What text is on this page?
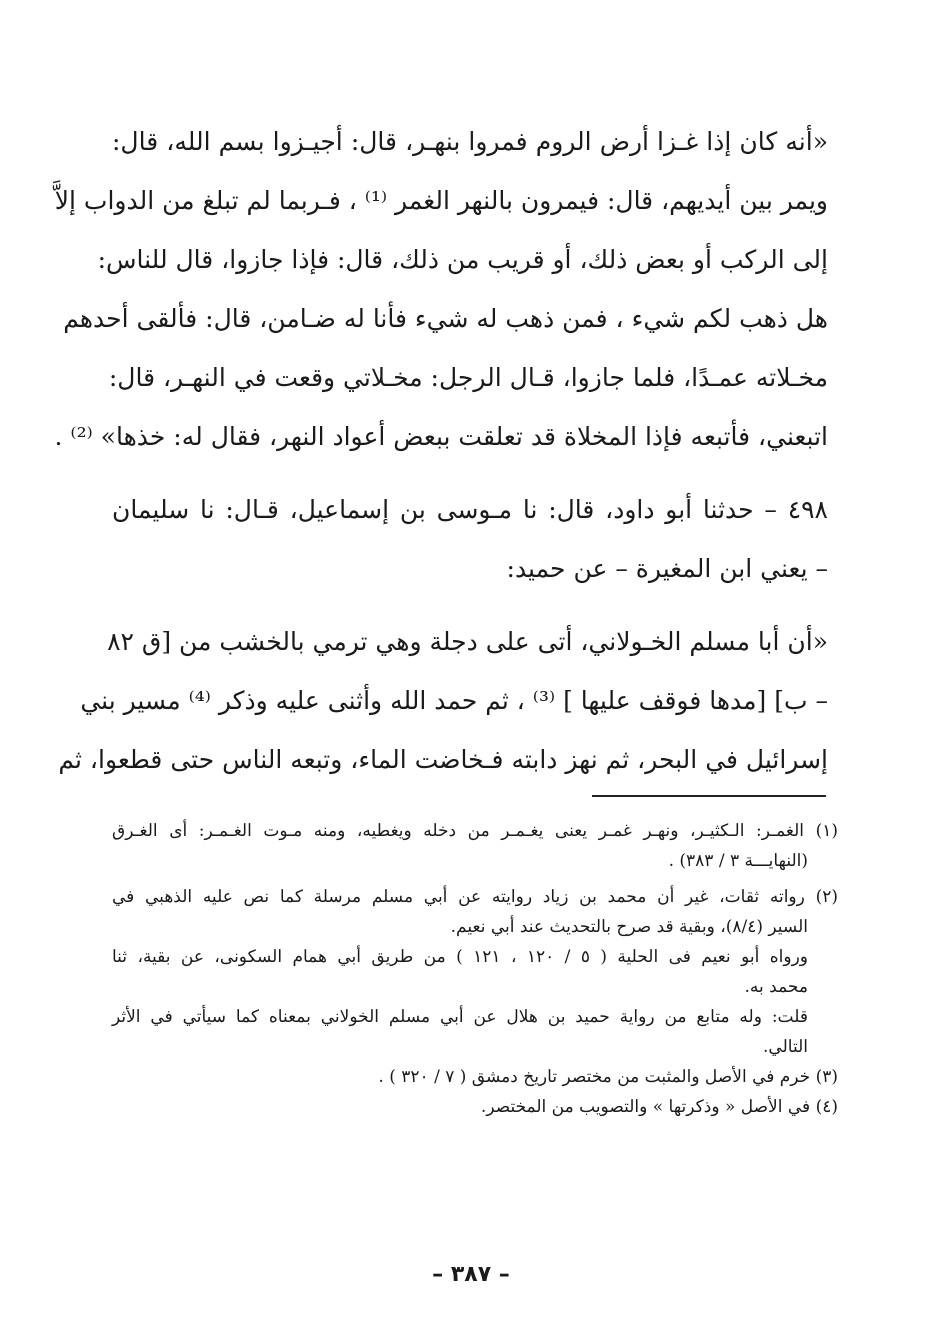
«أنه كان إذا غـزا أرض الروم فمروا بنهـر، قال: أجيـزوا بسم الله، قال:
ويمر بين أيديهم، قال: فيمرون بالنهر الغمر ⁽¹⁾ ، فـربما لم تبلغ من الدواب إلاَّ
إلى الركب أو بعض ذلك، أو قريب من ذلك، قال: فإذا جازوا، قال للناس:
هل ذهب لكم شيء ، فمن ذهب له شيء فأنا له ضـامن، قال: فألقى أحدهم
مخـلاته عمـدًا، فلما جازوا، قـال الرجل: مخـلاتي وقعت في النهـر، قال:
اتبعني، فأتبعه فإذا المخلاة قد تعلقت ببعض أعواد النهر، فقال له: خذها» ⁽²⁾ .
٤٩٨ – حدثنا أبو داود، قال: نا مـوسى بن إسماعيل، قـال: نا سليمان
– يعني ابن المغيرة – عن حميد:
«أن أبا مسلم الخـولاني، أتى على دجلة وهي ترمي بالخشب من [ق ٨٢
– ب] [مدها فوقف عليها ] ⁽³⁾ ، ثم حمد الله وأثنى عليه وذكر ⁽⁴⁾ مسير بني
إسرائيل في البحر، ثم نهز دابته فـخاضت الماء، وتبعه الناس حتى قطعوا، ثم
(١) الغمـر: الـكثيـر، ونهـر غمـر يعنى يغـمـر من دخله ويغطيه، ومنه مـوت الغـمـر: أى الغـرق
(النهايـــة ٣ / ٣٨٣) .
(٢) رواته ثقات، غير أن محمد بن زياد روايته عن أبي مسلم مرسلة كما نص عليه الذهبي في
السير (٨/٤)، وبقية قد صرح بالتحديث عند أبي نعيم.
ورواه أبو نعيم فى الحلية ( ٥ / ١٢٠ ، ١٢١ ) من طريق أبي همام السكونى، عن بقية، ثنا
محمد به.
قلت: وله متابع من رواية حميد بن هلال عن أبي مسلم الخولاني بمعناه كما سيأتي في الأثر
التالي.
(٣) خرم في الأصل والمثبت من مختصر تاريخ دمشق ( ٧ / ٣٢٠ ) .
(٤) في الأصل « وذكرتها » والتصويب من المختصر.
– ٣٨٧ –
